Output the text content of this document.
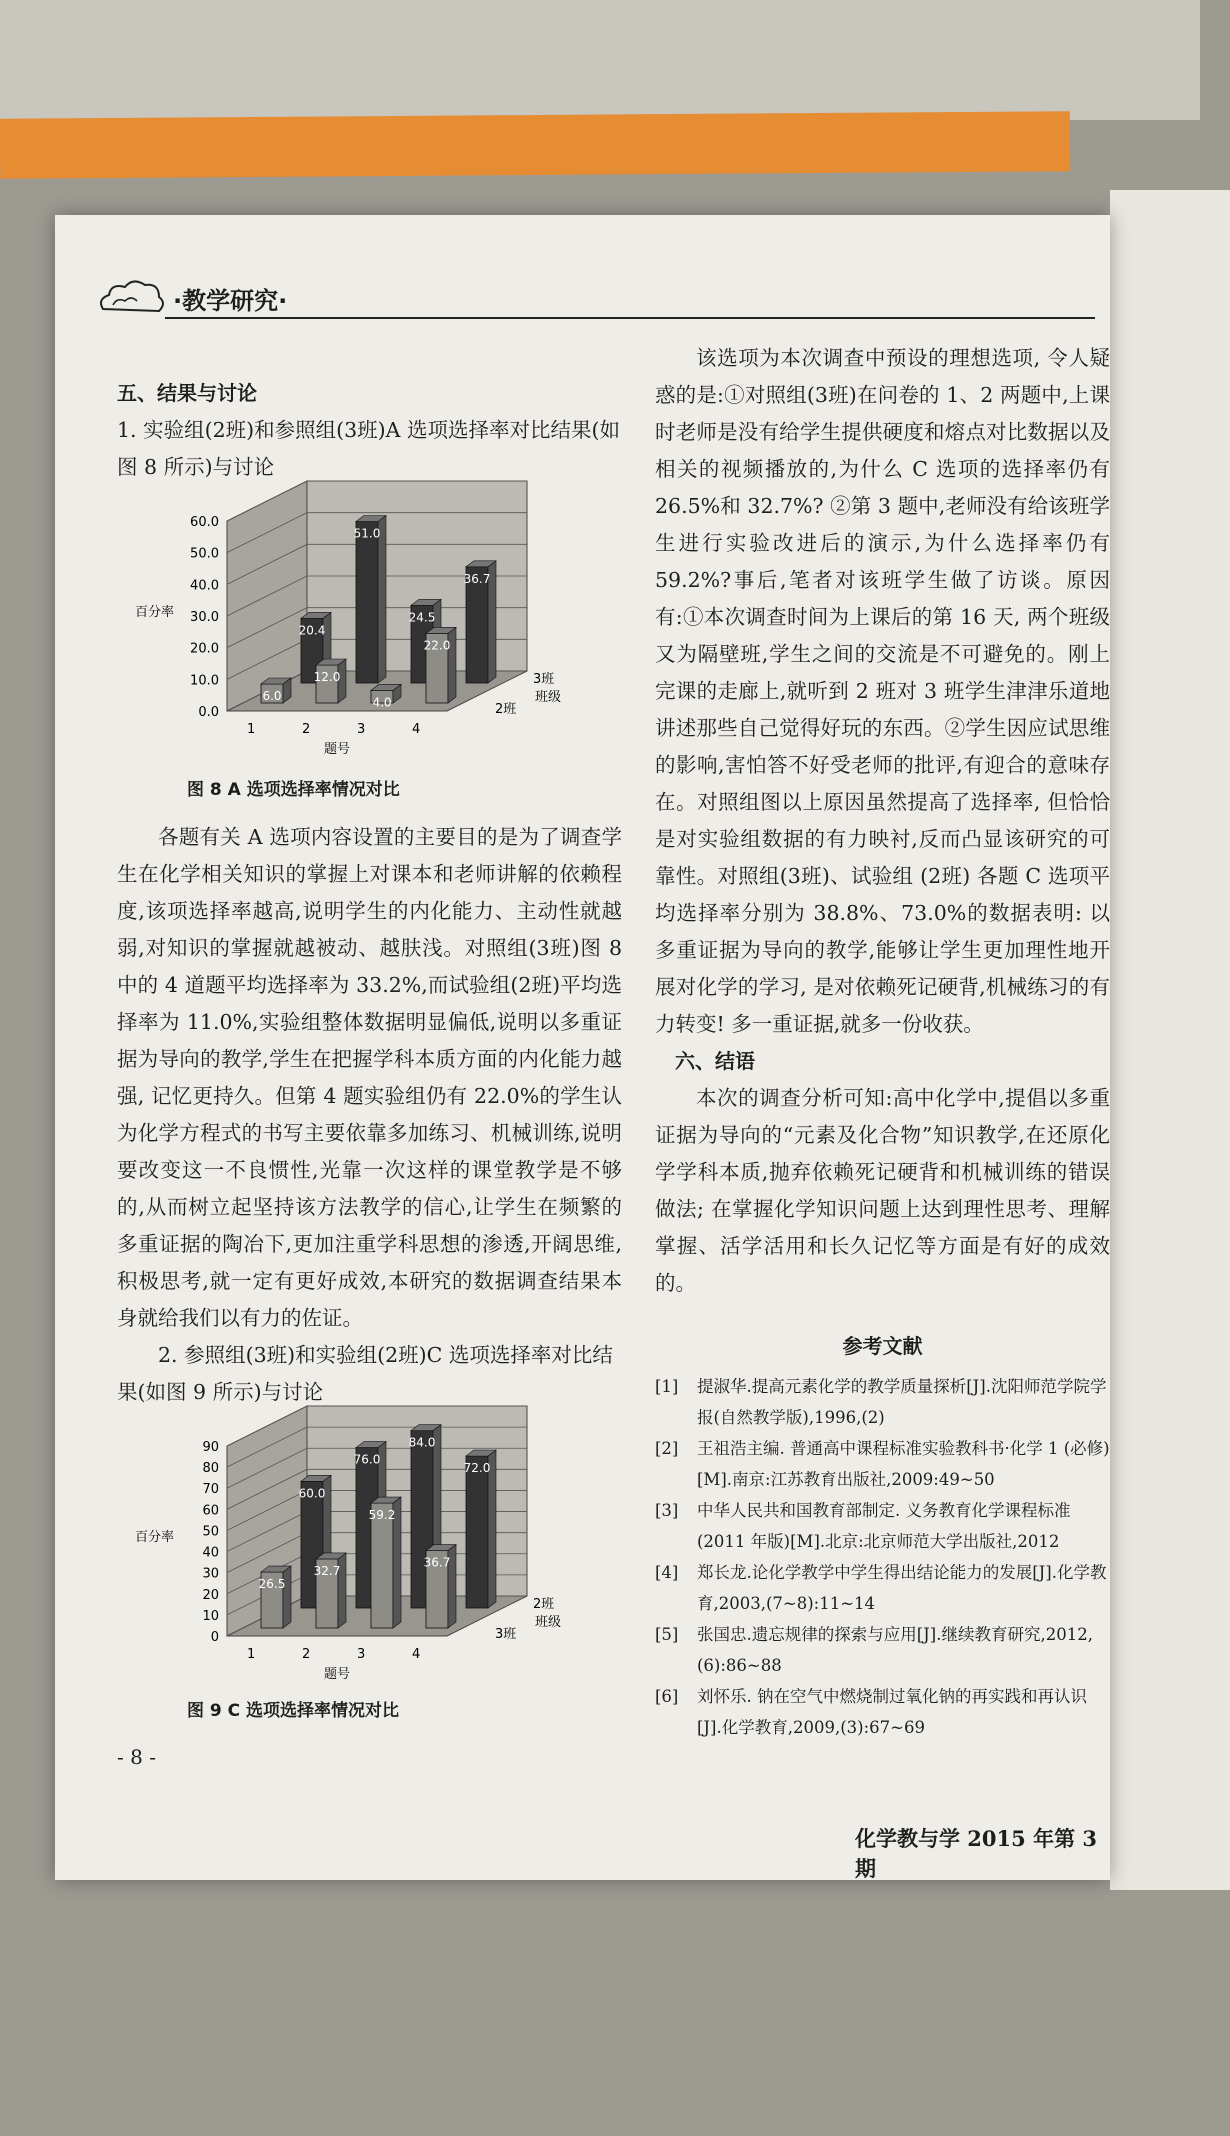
·教学研究·
五、结果与讨论

1. 实验组(2班)和参照组(3班)A 选项选择率对比结果(如图 8 所示)与讨论

0.0
10.0
20.0
30.0
40.0
50.0
60.0
百分率
20.4
51.0
24.5
36.7
6.0
12.0
4.0
22.0
1	2	3	4
题号
3班
2班
班级
图 8 A 选项选择率情况对比

各题有关 A 选项内容设置的主要目的是为了调查学生在化学相关知识的掌握上对课本和老师讲解的依赖程度,该项选择率越高,说明学生的内化能力、主动性就越弱,对知识的掌握就越被动、越肤浅。对照组(3班)图 8 中的 4 道题平均选择率为 33.2%,而试验组(2班)平均选择率为 11.0%,实验组整体数据明显偏低,说明以多重证据为导向的教学,学生在把握学科本质方面的内化能力越强, 记忆更持久。但第 4 题实验组仍有 22.0%的学生认为化学方程式的书写主要依靠多加练习、机械训练,说明要改变这一不良惯性,光靠一次这样的课堂教学是不够的,从而树立起坚持该方法教学的信心,让学生在频繁的多重证据的陶冶下,更加注重学科思想的渗透,开阔思维,积极思考,就一定有更好成效,本研究的数据调查结果本身就给我们以有力的佐证。

2. 参照组(3班)和实验组(2班)C 选项选择率对比结果(如图 9 所示)与讨论

0
10
20
30
40
50
60
70
80
90
百分率
60.0
76.0
84.0
72.0
26.5
32.7
59.2
36.7
1	2	3	4
题号
2班
3班
班级
图 9 C 选项选择率情况对比

该选项为本次调查中预设的理想选项, 令人疑惑的是:①对照组(3班)在问卷的 1、2 两题中,上课时老师是没有给学生提供硬度和熔点对比数据以及相关的视频播放的,为什么 C 选项的选择率仍有 26.5%和 32.7%? ②第 3 题中,老师没有给该班学生进行实验改进后的演示,为什么选择率仍有 59.2%?事后,笔者对该班学生做了访谈。原因有:①本次调查时间为上课后的第 16 天, 两个班级又为隔壁班,学生之间的交流是不可避免的。刚上完课的走廊上,就听到 2 班对 3 班学生津津乐道地讲述那些自己觉得好玩的东西。②学生因应试思维的影响,害怕答不好受老师的批评,有迎合的意味存在。对照组图以上原因虽然提高了选择率, 但恰恰是对实验组数据的有力映衬,反而凸显该研究的可靠性。对照组(3班)、试验组 (2班) 各题 C 选项平均选择率分别为 38.8%、73.0%的数据表明: 以多重证据为导向的教学,能够让学生更加理性地开展对化学的学习, 是对依赖死记硬背,机械练习的有力转变! 多一重证据,就多一份收获。

六、结语

本次的调查分析可知:高中化学中,提倡以多重证据为导向的“元素及化合物”知识教学,在还原化学学科本质,抛弃依赖死记硬背和机械训练的错误做法; 在掌握化学知识问题上达到理性思考、理解掌握、活学活用和长久记忆等方面是有好的成效的。

参考文献
[1]	提淑华.提高元素化学的教学质量探析[J].沈阳师范学院学报(自然教学版),1996,(2)
[2]	王祖浩主编. 普通高中课程标准实验教科书·化学 1 (必修)[M].南京:江苏教育出版社,2009:49~50
[3]	中华人民共和国教育部制定. 义务教育化学课程标准(2011 年版)[M].北京:北京师范大学出版社,2012
[4]	郑长龙.论化学教学中学生得出结论能力的发展[J].化学教育,2003,(7~8):11~14
[5]	张国忠.遗忘规律的探索与应用[J].继续教育研究,2012,(6):86~88
[6]	刘怀乐. 钠在空气中燃烧制过氧化钠的再实践和再认识[J].化学教育,2009,(3):67~69
- 8 -
化学教与学 2015 年第 3 期
